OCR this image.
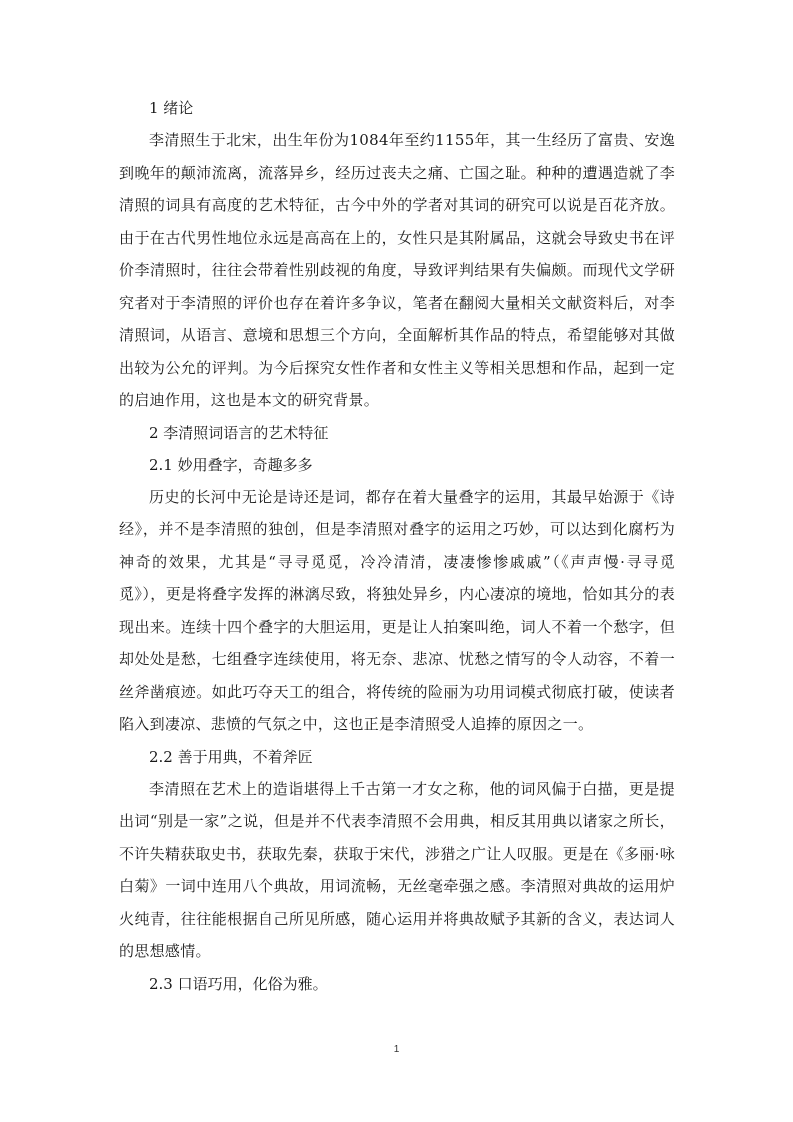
1 绪论

李清照生于北宋，出生年份为1084年至约1155年，其一生经历了富贵、安逸到晚年的颠沛流离，流落异乡，经历过丧夫之痛、亡国之耻。种种的遭遇造就了李清照的词具有高度的艺术特征，古今中外的学者对其词的研究可以说是百花齐放。由于在古代男性地位永远是高高在上的，女性只是其附属品，这就会导致史书在评价李清照时，往往会带着性别歧视的角度，导致评判结果有失偏颇。而现代文学研究者对于李清照的评价也存在着许多争议，笔者在翻阅大量相关文献资料后，对李清照词，从语言、意境和思想三个方向，全面解析其作品的特点，希望能够对其做出较为公允的评判。为今后探究女性作者和女性主义等相关思想和作品，起到一定的启迪作用，这也是本文的研究背景。

2 李清照词语言的艺术特征
2.1 妙用叠字，奇趣多多

历史的长河中无论是诗还是词，都存在着大量叠字的运用，其最早始源于《诗经》，并不是李清照的独创，但是李清照对叠字的运用之巧妙，可以达到化腐朽为神奇的效果，尤其是“寻寻觅觅，冷冷清清，凄凄惨惨戚戚”（《声声慢·寻寻觅觅》），更是将叠字发挥的淋漓尽致，将独处异乡，内心凄凉的境地，恰如其分的表现出来。连续十四个叠字的大胆运用，更是让人拍案叫绝，词人不着一个愁字，但却处处是愁，七组叠字连续使用，将无奈、悲凉、忧愁之情写的令人动容，不着一丝斧凿痕迹。如此巧夺天工的组合，将传统的险丽为功用词模式彻底打破，使读者陷入到凄凉、悲愤的气氛之中，这也正是李清照受人追捧的原因之一。

2.2 善于用典，不着斧匠

李清照在艺术上的造诣堪得上千古第一才女之称，他的词风偏于白描，更是提出词“别是一家”之说，但是并不代表李清照不会用典，相反其用典以诸家之所长，不许失精获取史书，获取先秦，获取于宋代，涉猎之广让人叹服。更是在《多丽·咏白菊》一词中连用八个典故，用词流畅，无丝毫牵强之感。李清照对典故的运用炉火纯青，往往能根据自己所见所感，随心运用并将典故赋予其新的含义，表达词人的思想感情。

2.3 口语巧用，化俗为雅。
1
